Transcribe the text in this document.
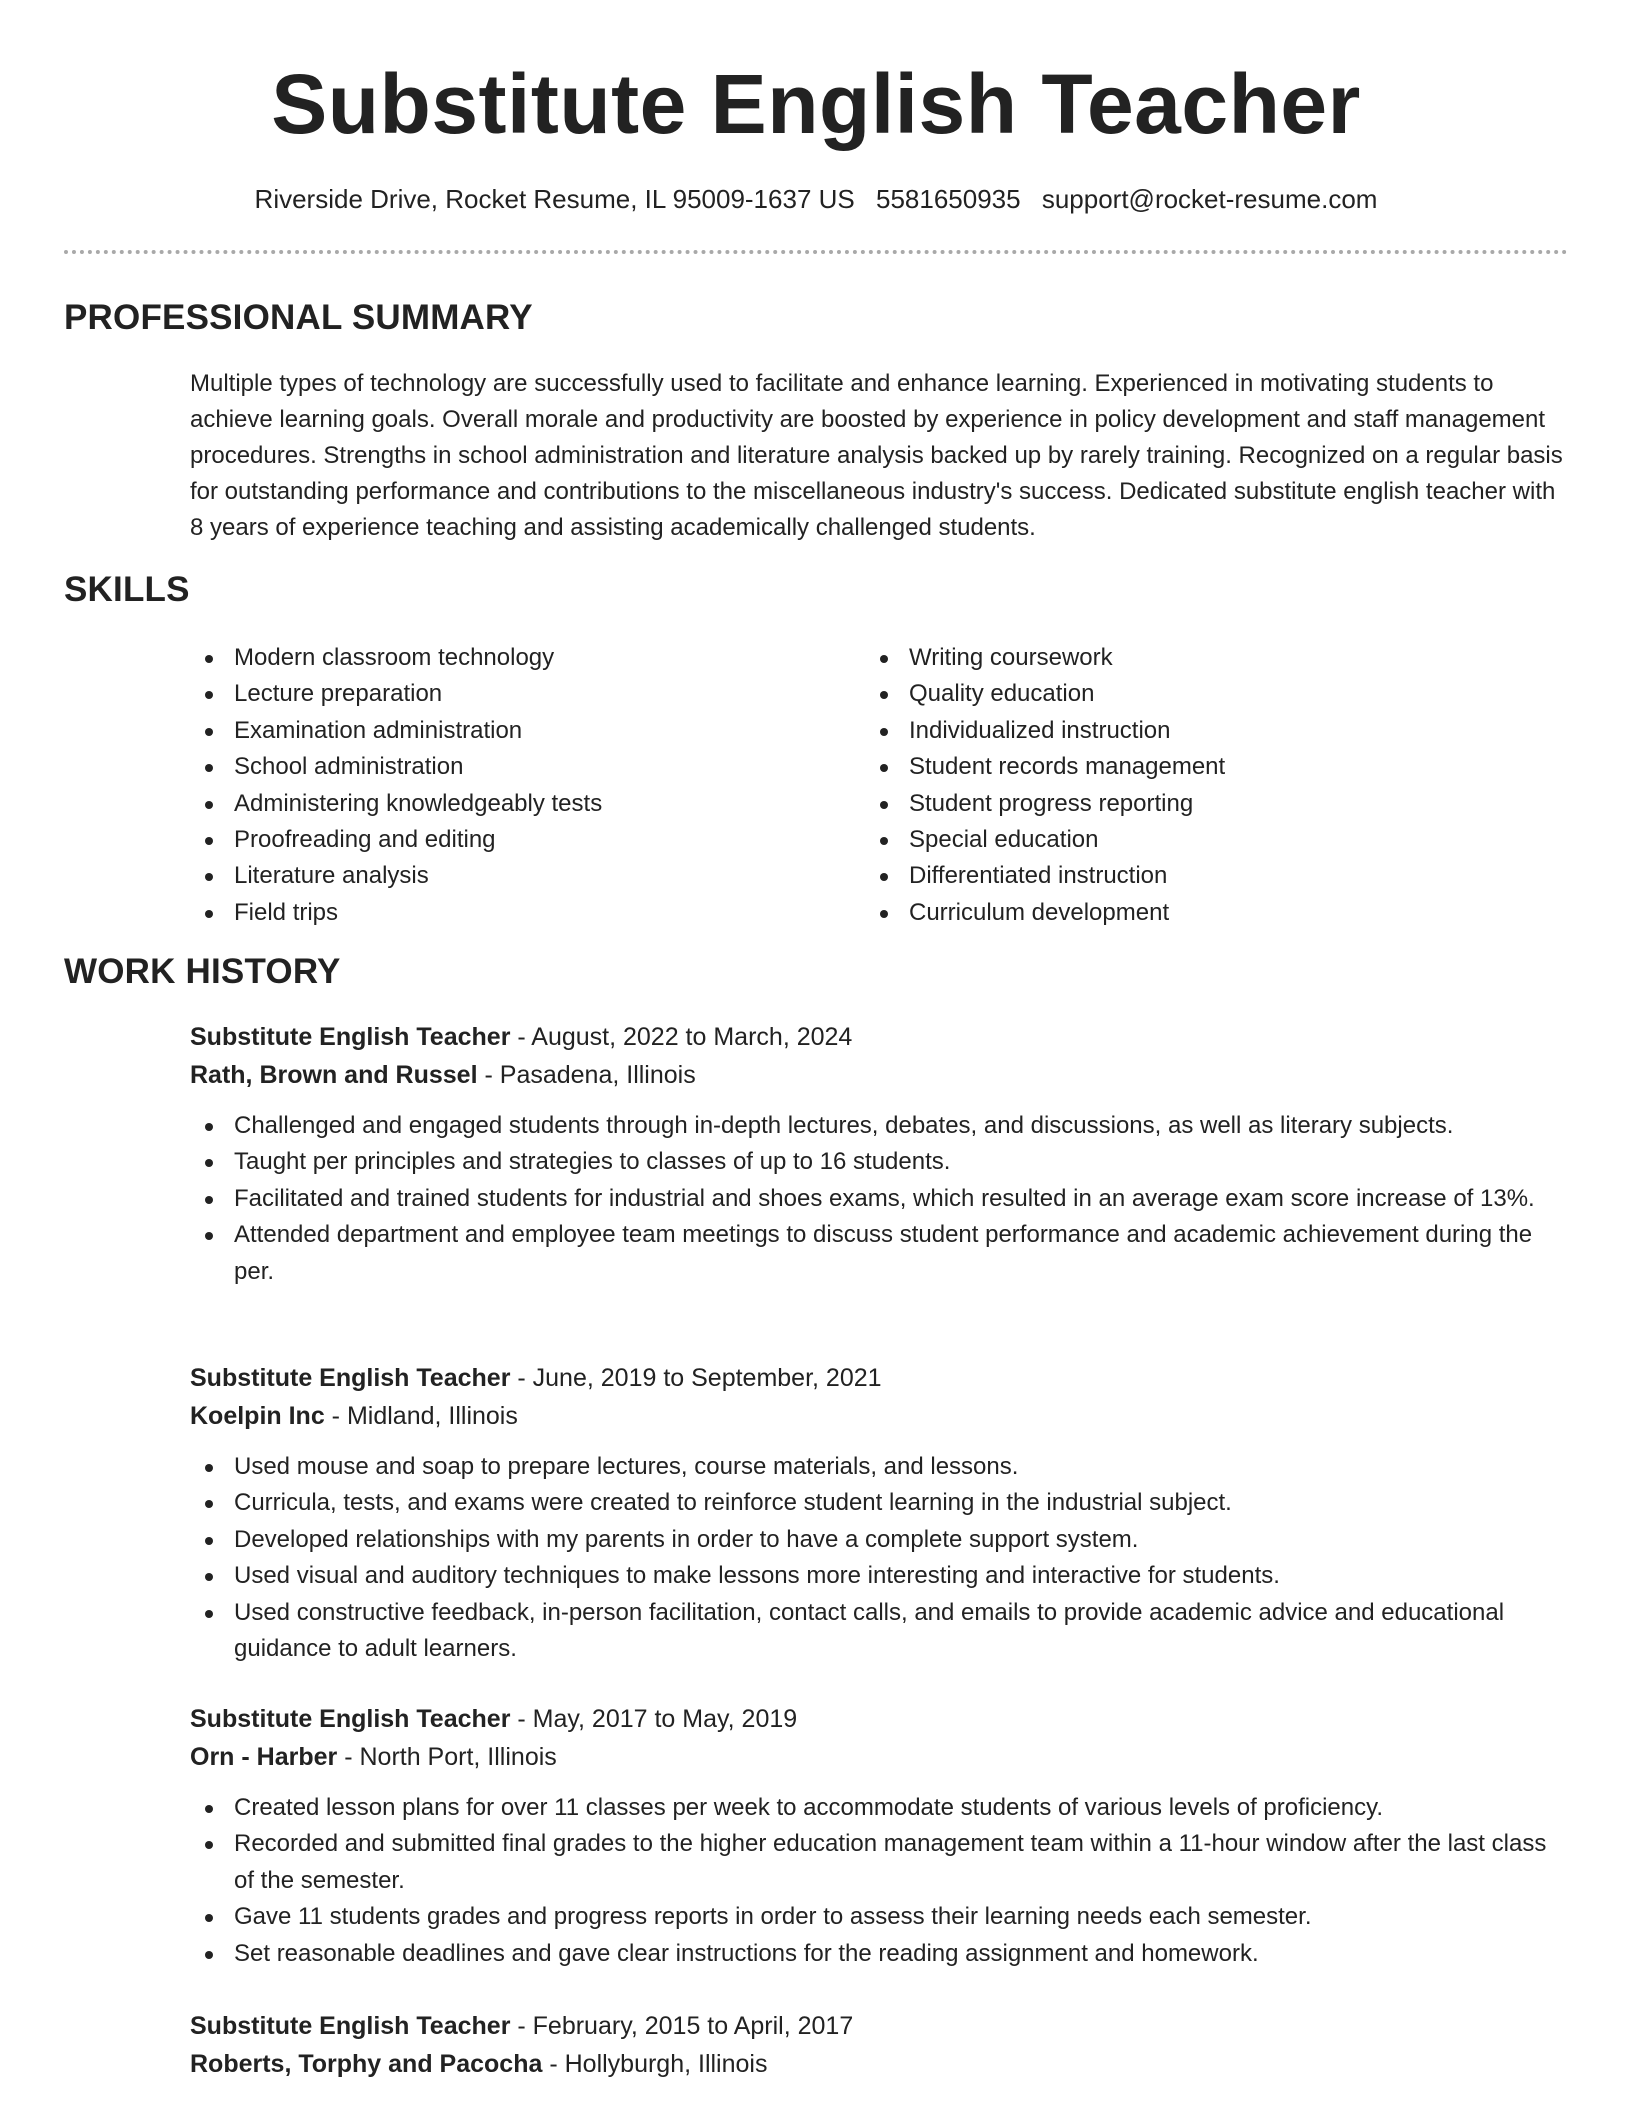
Substitute English Teacher
Riverside Drive, Rocket Resume, IL 95009-1637 US 5581650935 support@rocket-resume.com
PROFESSIONAL SUMMARY

Multiple types of technology are successfully used to facilitate and enhance learning. Experienced in motivating students to achieve learning goals. Overall morale and productivity are boosted by experience in policy development and staff management procedures. Strengths in school administration and literature analysis backed up by rarely training. Recognized on a regular basis for outstanding performance and contributions to the miscellaneous industry's success. Dedicated substitute english teacher with 8 years of experience teaching and assisting academically challenged students.

SKILLS
Modern classroom technology
Lecture preparation
Examination administration
School administration
Administering knowledgeably tests
Proofreading and editing
Literature analysis
Field trips
Writing coursework
Quality education
Individualized instruction
Student records management
Student progress reporting
Special education
Differentiated instruction
Curriculum development
WORK HISTORY
Substitute English Teacher - August, 2022 to March, 2024
Rath, Brown and Russel - Pasadena, Illinois
Challenged and engaged students through in-depth lectures, debates, and discussions, as well as literary subjects.
Taught per principles and strategies to classes of up to 16 students.
Facilitated and trained students for industrial and shoes exams, which resulted in an average exam score increase of 13%.
Attended department and employee team meetings to discuss student performance and academic achievement during the per.
Substitute English Teacher - June, 2019 to September, 2021
Koelpin Inc - Midland, Illinois
Used mouse and soap to prepare lectures, course materials, and lessons.
Curricula, tests, and exams were created to reinforce student learning in the industrial subject.
Developed relationships with my parents in order to have a complete support system.
Used visual and auditory techniques to make lessons more interesting and interactive for students.
Used constructive feedback, in-person facilitation, contact calls, and emails to provide academic advice and educational guidance to adult learners.
Substitute English Teacher - May, 2017 to May, 2019
Orn - Harber - North Port, Illinois
Created lesson plans for over 11 classes per week to accommodate students of various levels of proficiency.
Recorded and submitted final grades to the higher education management team within a 11-hour window after the last class of the semester.
Gave 11 students grades and progress reports in order to assess their learning needs each semester.
Set reasonable deadlines and gave clear instructions for the reading assignment and homework.
Substitute English Teacher - February, 2015 to April, 2017
Roberts, Torphy and Pacocha - Hollyburgh, Illinois
